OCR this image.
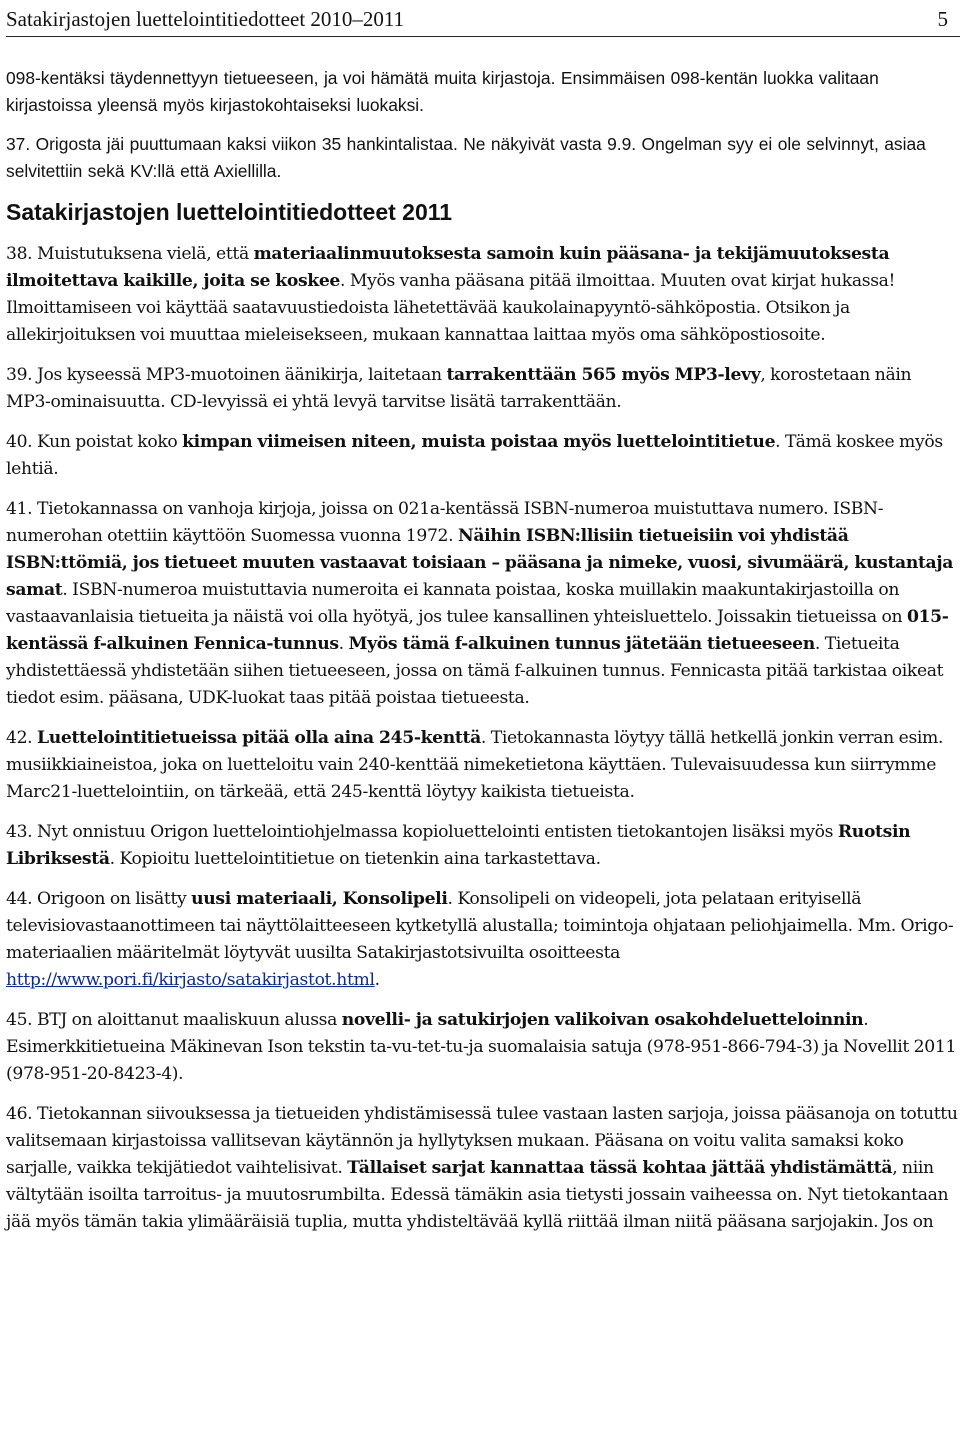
Satakirjastojen luettelointitiedotteet 2010–2011	5

098-kentäksi täydennettyyn tietueeseen, ja voi hämätä muita kirjastoja. Ensimmäisen 098-kentän luokka valitaan kirjastoissa yleensä myös kirjastokohtaiseksi luokaksi.

37. Origosta jäi puuttumaan kaksi viikon 35 hankintalistaa. Ne näkyivät vasta 9.9. Ongelman syy ei ole selvinnyt, asiaa selvitettiin sekä KV:llä että Axiellilla.

Satakirjastojen luettelointitiedotteet 2011

38. Muistutuksena vielä, että materiaalinmuutoksesta samoin kuin pääsana- ja tekijämuutoksesta ilmoitettava kaikille, joita se koskee. Myös vanha pääsana pitää ilmoittaa. Muuten ovat kirjat hukassa! Ilmoittamiseen voi käyttää saatavuustiedoista lähetettävää kaukolainapyyntö-sähköpostia. Otsikon ja allekirjoituksen voi muuttaa mieleisekseen, mukaan kannattaa laittaa myös oma sähköpostiosoite.

39. Jos kyseessä MP3-muotoinen äänikirja, laitetaan tarrakenttään 565 myös MP3-levy, korostetaan näin MP3-ominaisuutta. CD-levyissä ei yhtä levyä tarvitse lisätä tarrakenttään.

40. Kun poistat koko kimpan viimeisen niteen, muista poistaa myös luettelointitietue. Tämä koskee myös lehtiä.

41. Tietokannassa on vanhoja kirjoja, joissa on 021a-kentässä ISBN-numeroa muistuttava numero. ISBN-numerohan otettiin käyttöön Suomessa vuonna 1972. Näihin ISBN:llisiin tietueisiin voi yhdistää ISBN:ttömiä, jos tietueet muuten vastaavat toisiaan – pääsana ja nimeke, vuosi, sivumäärä, kustantaja samat. ISBN-numeroa muistuttavia numeroita ei kannata poistaa, koska muillakin maakuntakirjastoilla on vastaavanlaisia tietueita ja näistä voi olla hyötyä, jos tulee kansallinen yhteisluettelo. Joissakin tietueissa on 015-kentässä f-alkuinen Fennica-tunnus. Myös tämä f-alkuinen tunnus jätetään tietueeseen. Tietueita yhdistettäessä yhdistetään siihen tietueeseen, jossa on tämä f-alkuinen tunnus. Fennicasta pitää tarkistaa oikeat tiedot esim. pääsana, UDK-luokat taas pitää poistaa tietueesta.

42. Luettelointitietueissa pitää olla aina 245-kenttä. Tietokannasta löytyy tällä hetkellä jonkin verran esim. musiikkiaineistoa, joka on luetteloitu vain 240-kenttää nimeketietona käyttäen. Tulevaisuudessa kun siirrymme Marc21-luettelointiin, on tärkeää, että 245-kenttä löytyy kaikista tietueista.

43. Nyt onnistuu Origon luettelointiohjelmassa kopioluettelointi entisten tietokantojen lisäksi myös Ruotsin Libriksestä. Kopioitu luettelointitietue on tietenkin aina tarkastettava.

44. Origoon on lisätty uusi materiaali, Konsolipeli. Konsolipeli on videopeli, jota pelataan erityisellä televisiovastaanottimeen tai näyttölaitteeseen kytketyllä alustalla; toimintoja ohjataan peliohjaimella. Mm. Origo-materiaalien määritelmät löytyvät uusilta Satakirjastotsivuilta osoitteesta http://www.pori.fi/kirjasto/satakirjastot.html.

45. BTJ on aloittanut maaliskuun alussa novelli- ja satukirjojen valikoivan osakohdeluetteloinnin. Esimerkkitietueina Mäkinevan Ison tekstin ta-vu-tet-tu-ja suomalaisia satuja (978-951-866-794-3) ja Novellit 2011 (978-951-20-8423-4).

46. Tietokannan siivouksessa ja tietueiden yhdistämisessä tulee vastaan lasten sarjoja, joissa pääsanoja on totuttu valitsemaan kirjastoissa vallitsevan käytännön ja hyllytyksen mukaan. Pääsana on voitu valita samaksi koko sarjalle, vaikka tekijätiedot vaihtelisivat. Tällaiset sarjat kannattaa tässä kohtaa jättää yhdistämättä, niin vältytään isoilta tarroitus- ja muutosrumbilta. Edessä tämäkin asia tietysti jossain vaiheessa on. Nyt tietokantaan jää myös tämän takia ylimääräisiä tuplia, mutta yhdisteltävää kyllä riittää ilman niitä pääsana sarjojakin. Jos on
